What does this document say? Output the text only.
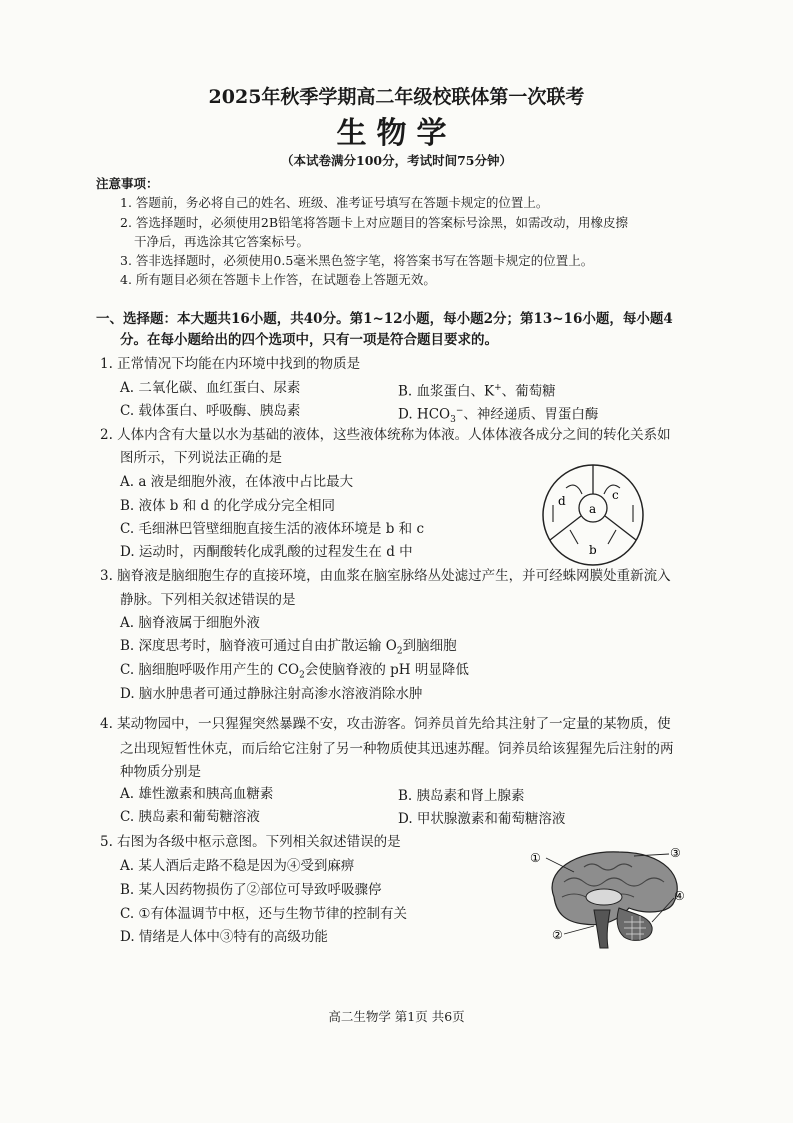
2025年秋季学期高二年级校联体第一次联考
生物学
（本试卷满分100分，考试时间75分钟）
注意事项：
1. 答题前，务必将自己的姓名、班级、准考证号填写在答题卡规定的位置上。
2. 答选择题时，必须使用2B铅笔将答题卡上对应题目的答案标号涂黑，如需改动，用橡皮擦
干净后，再选涂其它答案标号。
3. 答非选择题时，必须使用0.5毫米黑色签字笔，将答案书写在答题卡规定的位置上。
4. 所有题目必须在答题卡上作答，在试题卷上答题无效。
一、选择题：本大题共16小题，共40分。第1~12小题，每小题2分；第13~16小题，每小题4
分。在每小题给出的四个选项中，只有一项是符合题目要求的。
1. 正常情况下均能在内环境中找到的物质是
A. 二氧化碳、血红蛋白、尿素	B. 血浆蛋白、K+、葡萄糖
C. 载体蛋白、呼吸酶、胰岛素	D. $HCO_3^-$、神经递质、胃蛋白酶
2. 人体内含有大量以水为基础的液体，这些液体统称为体液。人体体液各成分之间的转化关系如
图所示，下列说法正确的是
A. a 液是细胞外液，在体液中占比最大
B. 液体 b 和 d 的化学成分完全相同
C. 毛细淋巴管壁细胞直接生活的液体环境是 b 和 c
D. 运动时，丙酮酸转化成乳酸的过程发生在 d 中
a
b
c
d
3. 脑脊液是脑细胞生存的直接环境，由血浆在脑室脉络丛处滤过产生，并可经蛛网膜处重新流入
静脉。下列相关叙述错误的是
A. 脑脊液属于细胞外液
B. 深度思考时，脑脊液可通过自由扩散运输 $O_2$到脑细胞
C. 脑细胞呼吸作用产生的 $CO_2$会使脑脊液的 pH 明显降低
D. 脑水肿患者可通过静脉注射高渗水溶液消除水肿
4. 某动物园中，一只猩猩突然暴躁不安，攻击游客。饲养员首先给其注射了一定量的某物质，使
之出现短暂性休克，而后给它注射了另一种物质使其迅速苏醒。饲养员给该猩猩先后注射的两
种物质分别是
A. 雄性激素和胰高血糖素	B. 胰岛素和肾上腺素
C. 胰岛素和葡萄糖溶液	D. 甲状腺激素和葡萄糖溶液
5. 右图为各级中枢示意图。下列相关叙述错误的是
A. 某人酒后走路不稳是因为④受到麻痹
B. 某人因药物损伤了②部位可导致呼吸骤停
C. ①有体温调节中枢，还与生物节律的控制有关
D. 情绪是人体中③特有的高级功能
①
②
③
④
高二生物学 第1页 共6页
